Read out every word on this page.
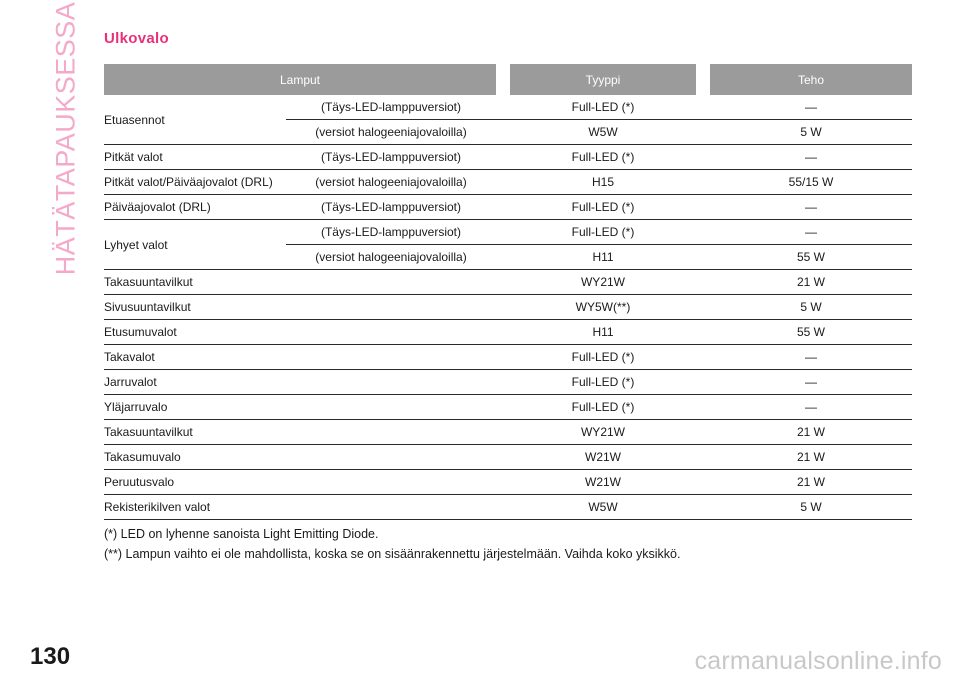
HÄTÄTAPAUKSESSA Ulkovalo
Lamput			Tyyppi		Teho
Etuasennot	(Täys-LED-lamppuversiot)		Full-LED (*)		—
	(versiot halogeeniajovaloilla)		W5W		5 W
Pitkät valot	(Täys-LED-lamppuversiot)		Full-LED (*)		—
Pitkät valot/Päiväajovalot (DRL)	(versiot halogeeniajovaloilla)		H15		55/15 W
Päiväajovalot (DRL)	(Täys-LED-lamppuversiot)		Full-LED (*)		—
Lyhyet valot	(Täys-LED-lamppuversiot)		Full-LED (*)		—
	(versiot halogeeniajovaloilla)		H11		55 W
Takasuuntavilkut			WY21W		21 W
Sivusuuntavilkut			WY5W(**)		5 W
Etusumuvalot			H11		55 W
Takavalot			Full-LED (*)		—
Jarruvalot			Full-LED (*)		—
Yläjarruvalo			Full-LED (*)		—
Takasuuntavilkut			WY21W		21 W
Takasumuvalo			W21W		21 W
Peruutusvalo			W21W		21 W
Rekisterikilven valot			W5W		5 W

(*) LED on lyhenne sanoista Light Emitting Diode.

(**) Lampun vaihto ei ole mahdollista, koska se on sisäänrakennettu järjestelmään. Vaihda koko yksikkö.

130	carmanualsonline.info
